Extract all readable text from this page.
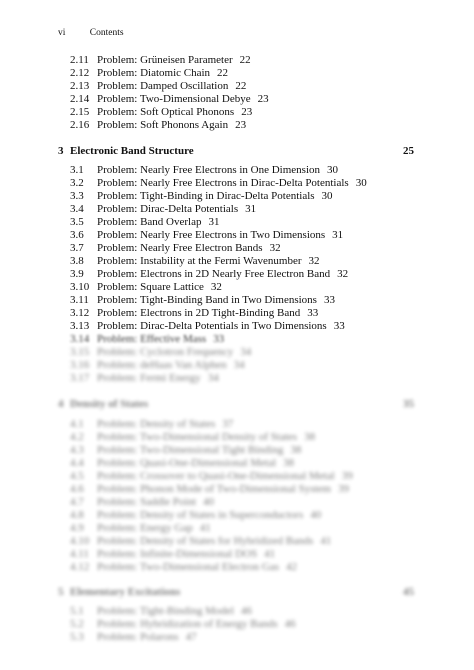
vi	Contents
2.11 Problem: Grüneisen Parameter 22
2.12 Problem: Diatomic Chain 22
2.13 Problem: Damped Oscillation 22
2.14 Problem: Two-Dimensional Debye 23
2.15 Problem: Soft Optical Phonons 23
2.16 Problem: Soft Phonons Again 23
3 Electronic Band Structure	25
3.1 Problem: Nearly Free Electrons in One Dimension 30
3.2 Problem: Nearly Free Electrons in Dirac-Delta Potentials 30
3.3 Problem: Tight-Binding in Dirac-Delta Potentials 30
3.4 Problem: Dirac-Delta Potentials 31
3.5 Problem: Band Overlap 31
3.6 Problem: Nearly Free Electrons in Two Dimensions 31
3.7 Problem: Nearly Free Electron Bands 32
3.8 Problem: Instability at the Fermi Wavenumber 32
3.9 Problem: Electrons in 2D Nearly Free Electron Band 32
3.10 Problem: Square Lattice 32
3.11 Problem: Tight-Binding Band in Two Dimensions 33
3.12 Problem: Electrons in 2D Tight-Binding Band 33
3.13 Problem: Dirac-Delta Potentials in Two Dimensions 33
3.14 Problem: Effective Mass 33
3.15 Problem: Cyclotron Frequency 34
3.16 Problem: deHaas Van Alphen 34
3.17 Problem: Fermi Energy 34
4 Density of States	35
4.1 Problem: Density of States 37
4.2 Problem: Two-Dimensional Density of States 38
4.3 Problem: Two-Dimensional Tight Binding 38
4.4 Problem: Quasi-One-Dimensional Metal 38
4.5 Problem: Crossover to Quasi-One-Dimensional Metal 39
4.6 Problem: Phonon Mode of Two-Dimensional System 39
4.7 Problem: Saddle Point 40
4.8 Problem: Density of States in Superconductors 40
4.9 Problem: Energy Gap 41
4.10 Problem: Density of States for Hybridized Bands 41
4.11 Problem: Infinite-Dimensional DOS 41
4.12 Problem: Two-Dimensional Electron Gas 42
5 Elementary Excitations	45
5.1 Problem: Tight-Binding Model 46
5.2 Problem: Hybridization of Energy Bands 46
5.3 Problem: Polarons 47
